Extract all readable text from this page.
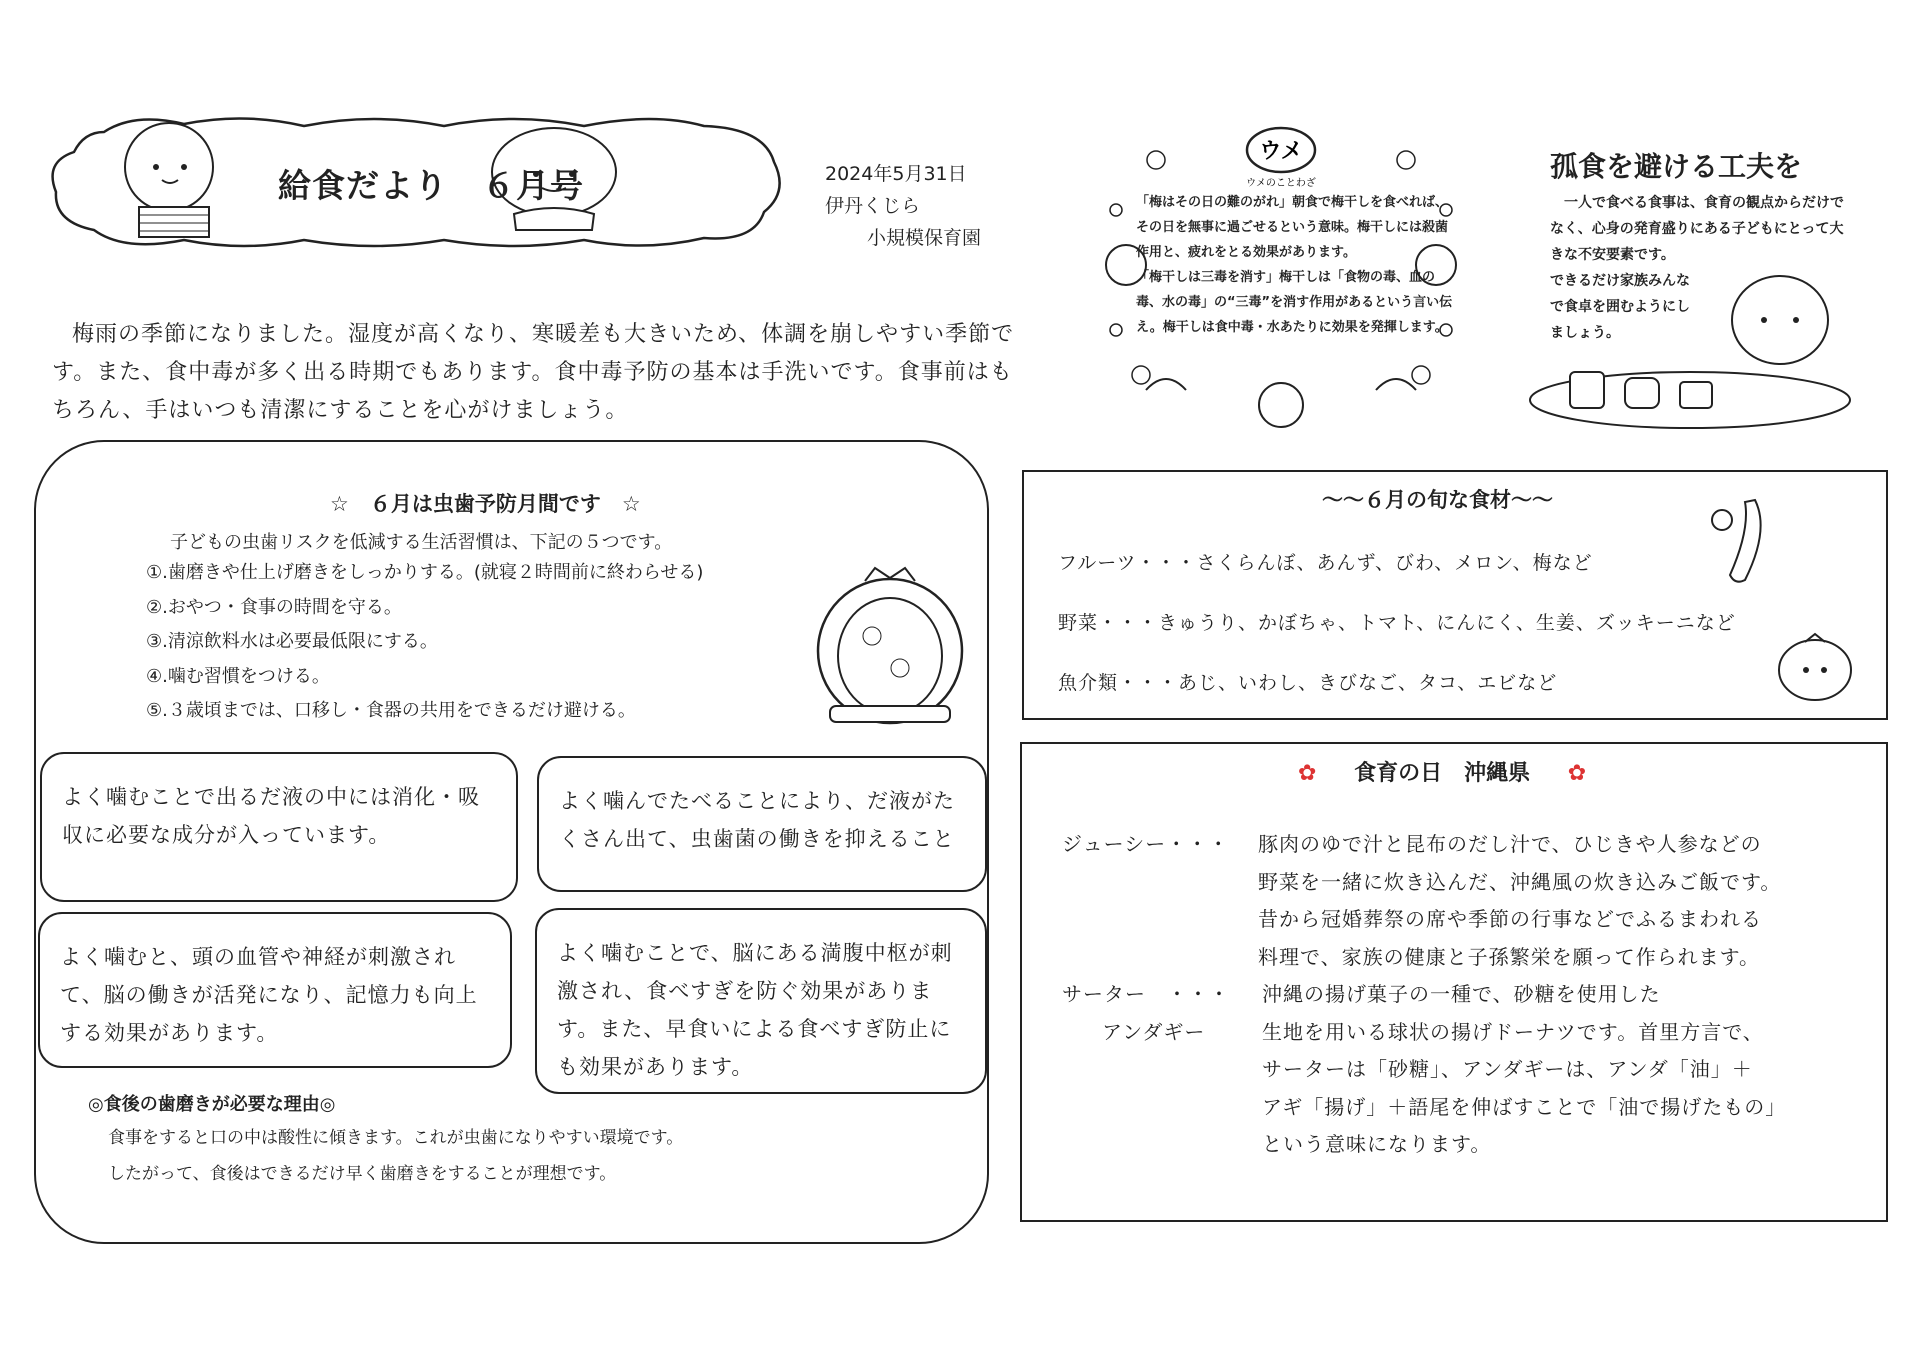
給食だより　６月号	2024年5月31日
伊丹くじら
小規模保育園

梅雨の季節になりました。湿度が高くなり、寒暖差も大きいため、体調を崩しやすい季節です。また、食中毒が多く出る時期でもあります。食中毒予防の基本は手洗いです。食事前はもちろん、手はいつも清潔にすることを心がけましょう。

☆　６月は虫歯予防月間です　☆
子どもの虫歯リスクを低減する生活習慣は、下記の５つです。
①.歯磨きや仕上げ磨きをしっかりする。(就寝２時間前に終わらせる)
②.おやつ・食事の時間を守る。
③.清涼飲料水は必要最低限にする。
④.噛む習慣をつける。
⑤.３歳頃までは、口移し・食器の共用をできるだけ避ける。
よく噛むことで出るだ液の中には消化・吸収に必要な成分が入っています。
よく噛んでたべることにより、だ液がたくさん出て、虫歯菌の働きを抑えること
よく噛むと、頭の血管や神経が刺激されて、脳の働きが活発になり、記憶力も向上する効果があります。
よく噛むことで、脳にある満腹中枢が刺激され、食べすぎを防ぐ効果があります。また、早食いによる食べすぎ防止にも効果があります。
◎食後の歯磨きが必要な理由◎

食事をすると口の中は酸性に傾きます。これが虫歯になりやすい環境です。

したがって、食後はできるだけ早く歯磨きをすることが理想です。

ウメ
ウメのことわざ

「梅はその日の難のがれ」朝食で梅干しを食べれば、その日を無事に過ごせるという意味。梅干しには殺菌作用と、疲れをとる効果があります。

「梅干しは三毒を消す」梅干しは「食物の毒、血の毒、水の毒」の“三毒”を消す作用があるという言い伝え。梅干しは食中毒・水あたりに効果を発揮します。

孤食を避ける工夫を

一人で食べる食事は、食育の観点からだけでなく、心身の発育盛りにある子どもにとって大きな不安要素です。

できるだけ家族みんなで食卓を囲むようにしましょう。

～～６月の旬な食材～～

フルーツ・・・さくらんぼ、あんず、びわ、メロン、梅など

野菜・・・きゅうり、かぼちゃ、トマト、にんにく、生姜、ズッキーニなど

魚介類・・・あじ、いわし、きびなご、タコ、エビなど

✿ 食育の日　沖縄県 ✿

ジューシー・・・ 豚肉のゆで汁と昆布のだし汁で、ひじきや人参などの

野菜を一緒に炊き込んだ、沖縄風の炊き込みご飯です。

昔から冠婚葬祭の席や季節の行事などでふるまわれる

料理で、家族の健康と子孫繁栄を願って作られます。

サーター　・・・

アンダギー

沖縄の揚げ菓子の一種で、砂糖を使用した

生地を用いる球状の揚げドーナツです。首里方言で、

サーターは「砂糖」、アンダギーは、アンダ「油」＋

アギ「揚げ」＋語尾を伸ばすことで「油で揚げたもの」

という意味になります。
